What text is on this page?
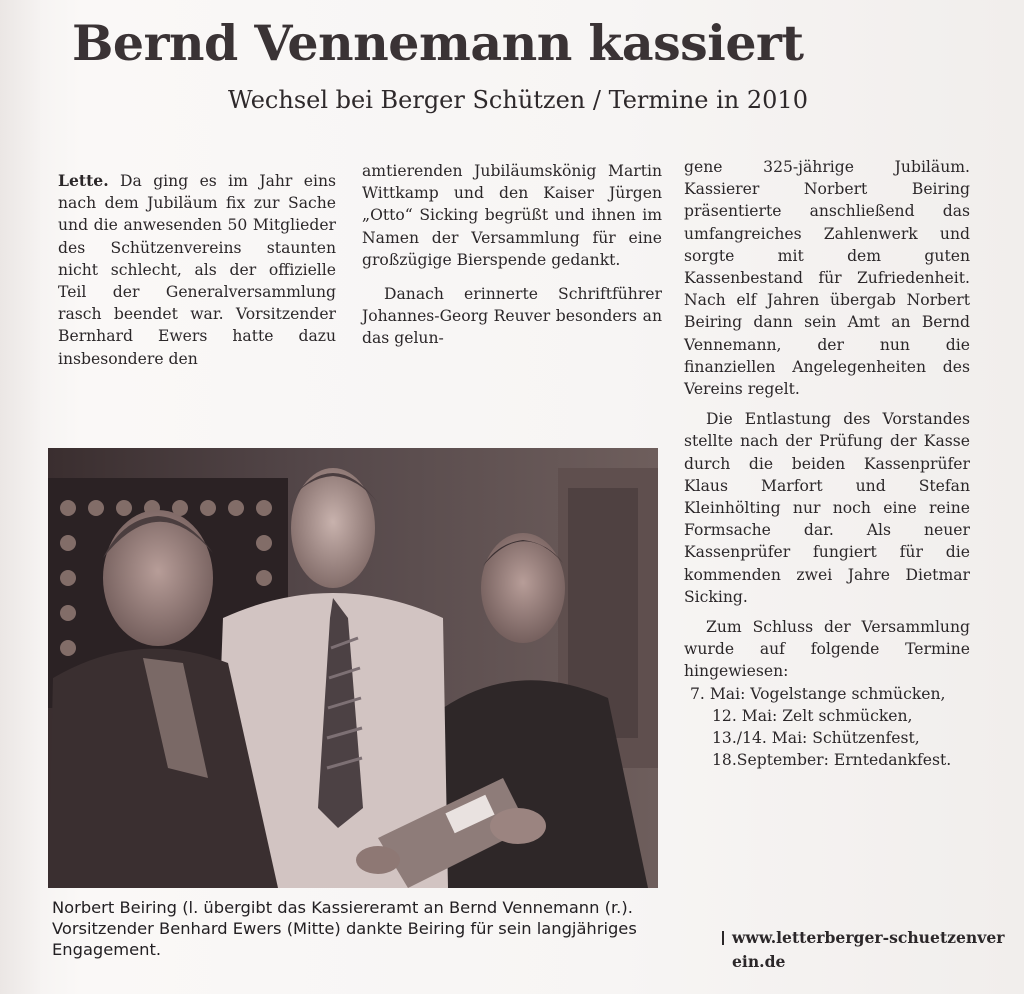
Bernd Vennemann kassiert
Wechsel bei Berger Schützen / Termine in 2010

Lette. Da ging es im Jahr eins nach dem Jubiläum fix zur Sache und die anwesenden 50 Mitglieder des Schützenvereins staunten nicht schlecht, als der offizielle Teil der Generalversammlung rasch beendet war. Vorsitzender Bernhard Ewers hatte dazu insbesondere den

amtierenden Jubiläumskönig Martin Wittkamp und den Kaiser Jürgen „Otto“ Sicking begrüßt und ihnen im Namen der Versammlung für eine großzügige Bierspende gedankt.

Danach erinnerte Schriftführer Johannes-Georg Reuver besonders an das gelun-

gene 325-jährige Jubiläum. Kassierer Norbert Beiring präsentierte anschließend das umfangreiches Zahlenwerk und sorgte mit dem guten Kassenbestand für Zufriedenheit. Nach elf Jahren übergab Norbert Beiring dann sein Amt an Bernd Vennemann, der nun die finanziellen Angelegenheiten des Vereins regelt.

Die Entlastung des Vorstandes stellte nach der Prüfung der Kasse durch die beiden Kassenprüfer Klaus Marfort und Stefan Kleinhölting nur noch eine reine Formsache dar. Als neuer Kassenprüfer fungiert für die kommenden zwei Jahre Dietmar Sicking.

Zum Schluss der Versammlung wurde auf folgende Termine hingewiesen:

7. Mai: Vogelstange schmücken,
12. Mai: Zelt schmücken,
13./14. Mai: Schützenfest,
18.September: Erntedankfest.
www.letterberger-schuetzenverein.de
Norbert Beiring (l. übergibt das Kassiereramt an Bernd Vennemann (r.). Vorsitzender Benhard Ewers (Mitte) dankte Beiring für sein langjähriges Engagement.
